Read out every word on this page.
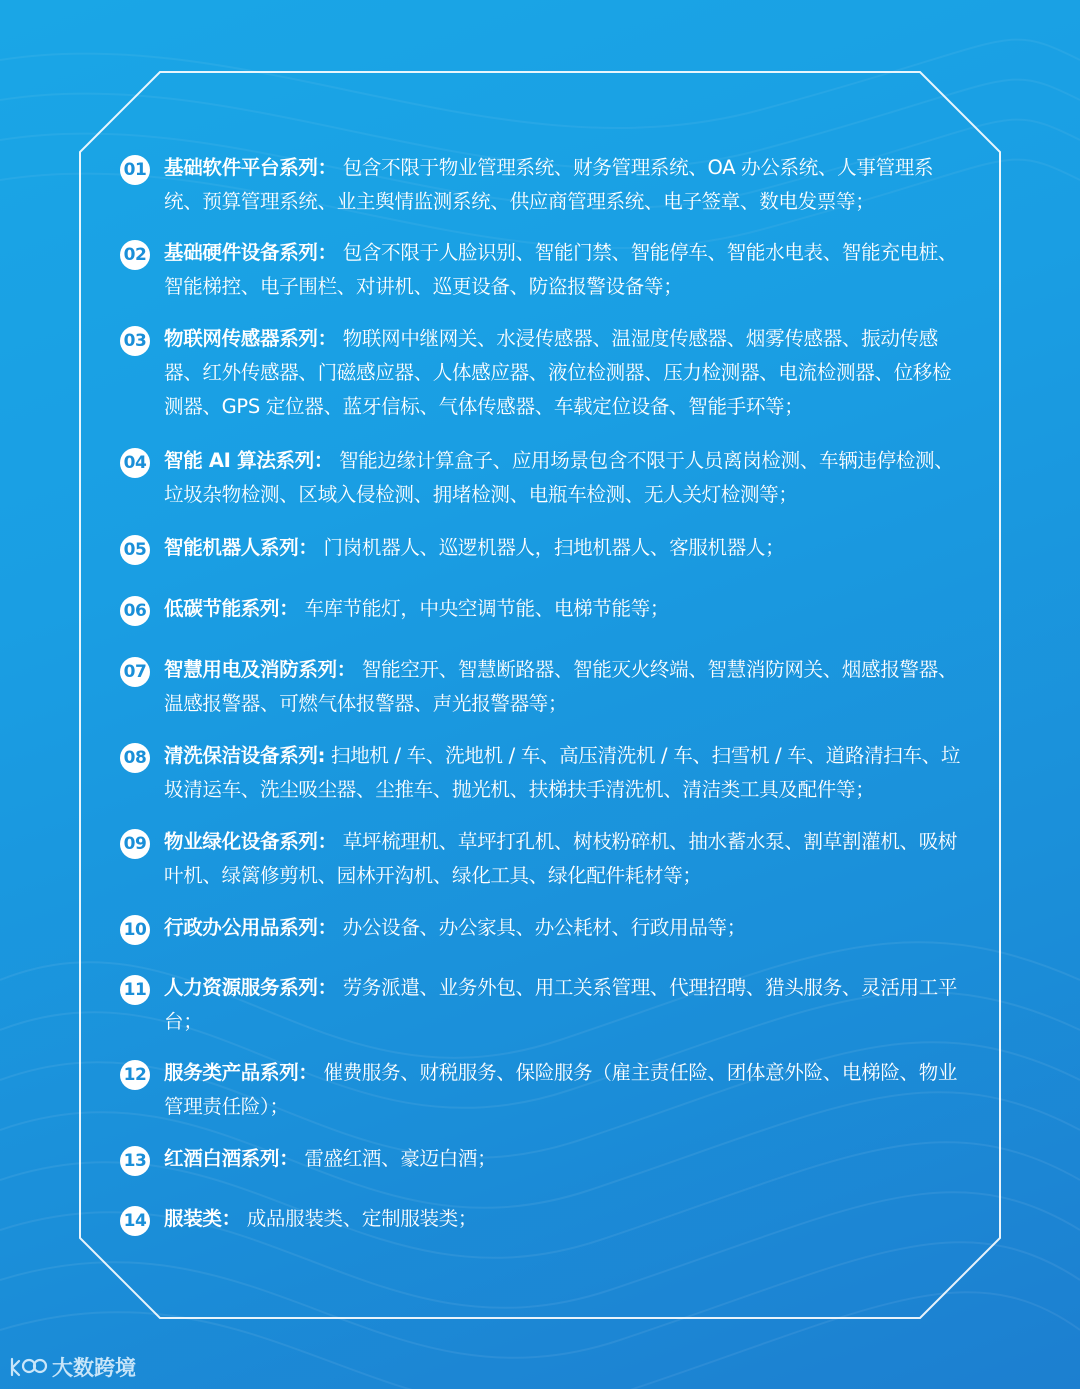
01 基础软件平台系列： 包含不限于物业管理系统、财务管理系统、OA 办公系统、人事管理系统、预算管理系统、业主舆情监测系统、供应商管理系统、电子签章、数电发票等；

02 基础硬件设备系列： 包含不限于人脸识别、智能门禁、智能停车、智能水电表、智能充电桩、智能梯控、电子围栏、对讲机、巡更设备、防盗报警设备等；

03 物联网传感器系列： 物联网中继网关、水浸传感器、温湿度传感器、烟雾传感器、振动传感器、红外传感器、门磁感应器、人体感应器、液位检测器、压力检测器、电流检测器、位移检测器、GPS 定位器、蓝牙信标、气体传感器、车载定位设备、智能手环等；

04 智能 AI 算法系列： 智能边缘计算盒子、应用场景包含不限于人员离岗检测、车辆违停检测、垃圾杂物检测、区域入侵检测、拥堵检测、电瓶车检测、无人关灯检测等；

05 智能机器人系列： 门岗机器人、巡逻机器人，扫地机器人、客服机器人；

06 低碳节能系列： 车库节能灯，中央空调节能、电梯节能等；

07 智慧用电及消防系列： 智能空开、智慧断路器、智能灭火终端、智慧消防网关、烟感报警器、温感报警器、可燃气体报警器、声光报警器等；

08 清洗保洁设备系列: 扫地机 / 车、洗地机 / 车、高压清洗机 / 车、扫雪机 / 车、道路清扫车、垃圾清运车、洗尘吸尘器、尘推车、抛光机、扶梯扶手清洗机、清洁类工具及配件等；

09 物业绿化设备系列： 草坪梳理机、草坪打孔机、树枝粉碎机、抽水蓄水泵、割草割灌机、吸树叶机、绿篱修剪机、园林开沟机、绿化工具、绿化配件耗材等；

10 行政办公用品系列： 办公设备、办公家具、办公耗材、行政用品等；

11 人力资源服务系列： 劳务派遣、业务外包、用工关系管理、代理招聘、猎头服务、灵活用工平台；

12 服务类产品系列： 催费服务、财税服务、保险服务（雇主责任险、团体意外险、电梯险、物业管理责任险）；

13 红酒白酒系列： 雷盛红酒、豪迈白酒；

14 服装类： 成品服装类、定制服装类；

大数跨境
